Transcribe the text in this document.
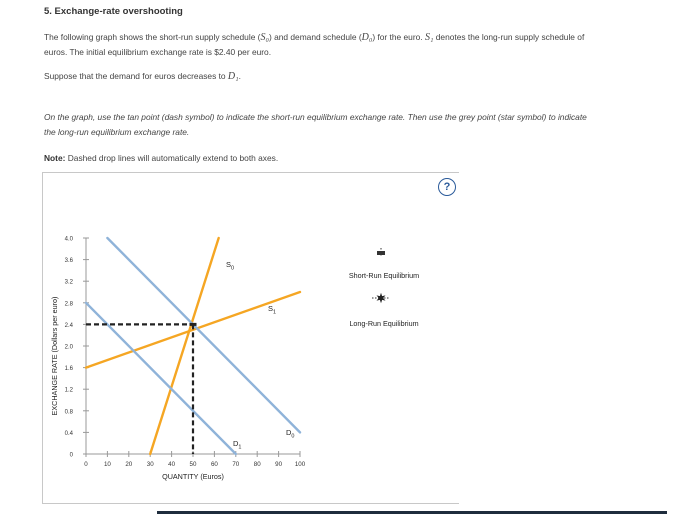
5. Exchange-rate overshooting
The following graph shows the short-run supply schedule (S₀) and demand schedule (D₀) for the euro. S₁ denotes the long-run supply schedule of
euros. The initial equilibrium exchange rate is $2.40 per euro.
Suppose that the demand for euros decreases to D₁.
On the graph, use the tan point (dash symbol) to indicate the short-run equilibrium exchange rate. Then use the grey point (star symbol) to indicate
the long-run equilibrium exchange rate.
Note: Dashed drop lines will automatically extend to both axes.
?
0
0.4
0.8
1.2
1.6
2.0
2.4
2.8
3.2
3.6
4.0
0	10 20 30 40 50 60 70 80 90 100
QUANTITY (Euros)
EXCHANGE RATE (Dollars per euro)
$S_0$
$S_1$
$D_0$
$D_1$
Short-Run Equilibrium
Long-Run Equilibrium
